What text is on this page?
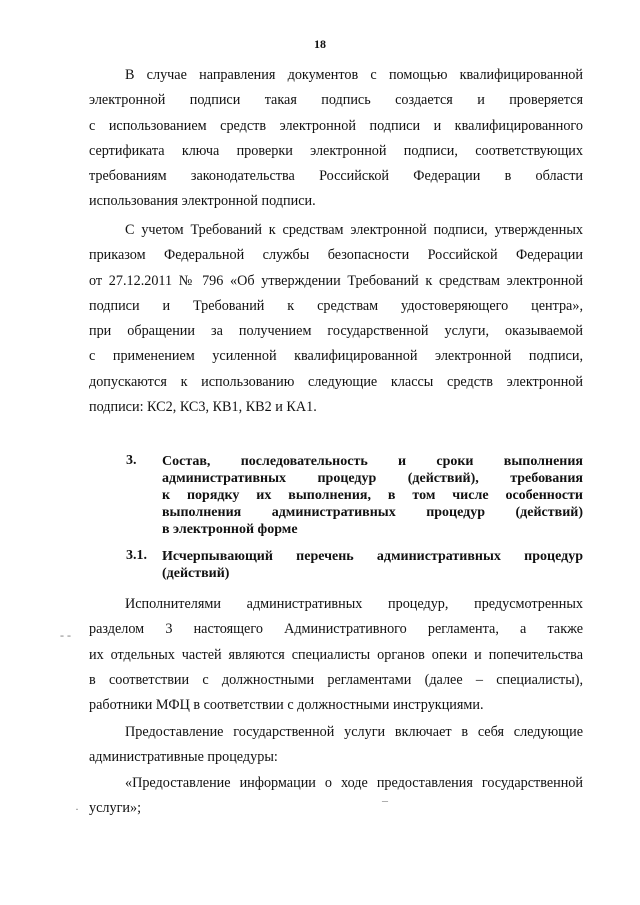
18
В случае направления документов с помощью квалифицированной
электронной подписи такая подпись создается и проверяется
с использованием средств электронной подписи и квалифицированного
сертификата ключа проверки электронной подписи, соответствующих
требованиям законодательства Российской Федерации в области
использования электронной подписи.
С учетом Требований к средствам электронной подписи, утвержденных
приказом Федеральной службы безопасности Российской Федерации
от 27.12.2011 № 796 «Об утверждении Требований к средствам электронной
подписи и Требований к средствам удостоверяющего центра»,
при обращении за получением государственной услуги, оказываемой
с применением усиленной квалифицированной электронной подписи,
допускаются к использованию следующие классы средств электронной
подписи: КС2, КС3, КВ1, КВ2 и КА1.
3. Состав, последовательность и сроки выполнения
административных процедур (действий), требования
к порядку их выполнения, в том числе особенности
выполнения административных процедур (действий)
в электронной форме
3.1. Исчерпывающий перечень административных процедур
(действий)
Исполнителями административных процедур, предусмотренных
разделом 3 настоящего Административного регламента, а также
их отдельных частей являются специалисты органов опеки и попечительства
в соответствии с должностными регламентами (далее – специалисты),
работники МФЦ в соответствии с должностными инструкциями.
Предоставление государственной услуги включает в себя следующие
административные процедуры:
«Предоставление информации о ходе предоставления государственной
услуги»;
- -
·
–
